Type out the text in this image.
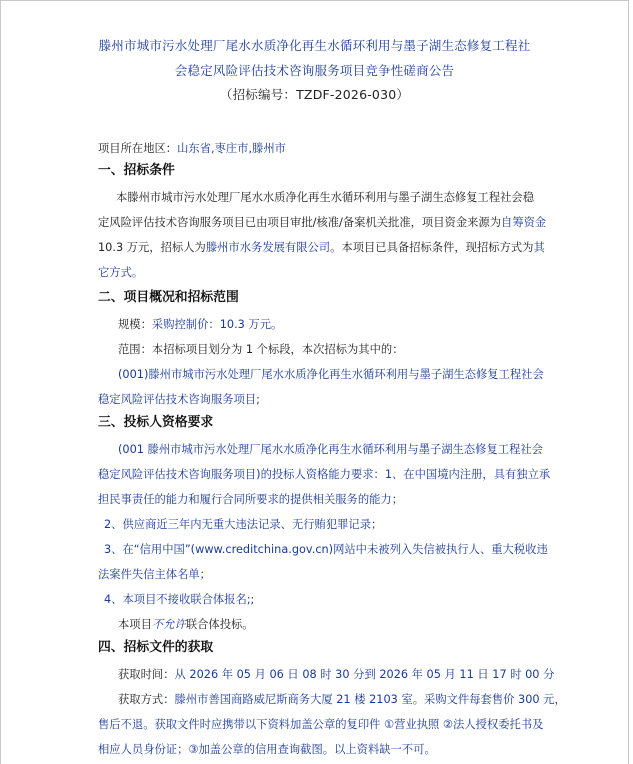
滕州市城市污水处理厂尾水水质净化再生水循环利用与墨子湖生态修复工程社
会稳定风险评估技术咨询服务项目竞争性磋商公告
（招标编号：TZDF-2026-030）
项目所在地区：山东省,枣庄市,滕州市
一、招标条件
本滕州市城市污水处理厂尾水水质净化再生水循环利用与墨子湖生态修复工程社会稳
定风险评估技术咨询服务项目已由项目审批/核准/备案机关批准，项目资金来源为自筹资金
10.3 万元，招标人为滕州市水务发展有限公司。本项目已具备招标条件，现招标方式为其
它方式。
二、项目概况和招标范围
规模：采购控制价：10.3 万元。
范围：本招标项目划分为 1 个标段，本次招标为其中的：
(001)滕州市城市污水处理厂尾水水质净化再生水循环利用与墨子湖生态修复工程社会
稳定风险评估技术咨询服务项目;
三、投标人资格要求
(001 滕州市城市污水处理厂尾水水质净化再生水循环利用与墨子湖生态修复工程社会
稳定风险评估技术咨询服务项目)的投标人资格能力要求：1、在中国境内注册，具有独立承
担民事责任的能力和履行合同所要求的提供相关服务的能力；
2、供应商近三年内无重大违法记录、无行贿犯罪记录；
3、在“信用中国”(www.creditchina.gov.cn)网站中未被列入失信被执行人、重大税收违
法案件失信主体名单；
4、本项目不接收联合体报名;;
本项目不允许联合体投标。
四、招标文件的获取
获取时间：从 2026 年 05 月 06 日 08 时 30 分到 2026 年 05 月 11 日 17 时 00 分
获取方式：滕州市善国商路威尼斯商务大厦 21 楼 2103 室。采购文件每套售价 300 元，
售后不退。获取文件时应携带以下资料加盖公章的复印件 ①营业执照 ②法人授权委托书及
相应人员身份证；③加盖公章的信用查询截图。以上资料缺一不可。
